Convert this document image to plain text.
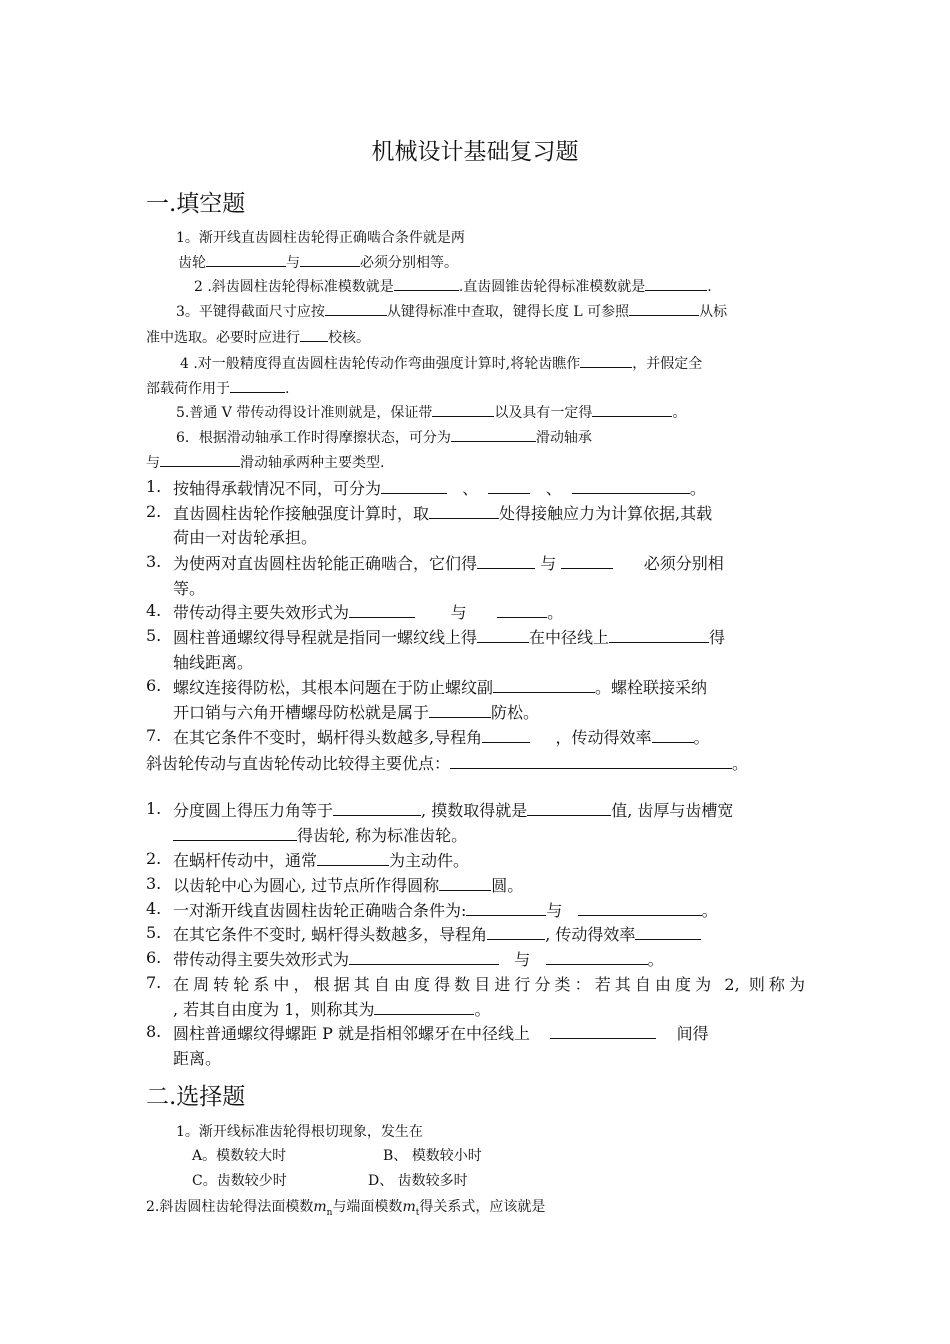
机械设计基础复习题
一.填空题
1。渐开线直齿圆柱齿轮得正确啮合条件就是两
齿轮	与	必须分别相等。
2 .斜齿圆柱齿轮得标准模数就是	.直齿圆锥齿轮得标准模数就是	.
3。平键得截面尺寸应按	从键得标准中查取，键得长度 L 可参照	从标
准中选取。必要时应进行 校核。
4 .对一般精度得直齿圆柱齿轮传动作弯曲强度计算时,将轮齿瞧作	，并假定全
部载荷作用于	.
5.普通 V 带传动得设计准则就是，保证带	以及具有一定得	。
6．根据滑动轴承工作时得摩擦状态，可分为	滑动轴承
与	滑动轴承两种主要类型.
1. 按轴得承载情况不同，可分为	、	、	。
2. 直齿圆柱齿轮作接触强度计算时，取	处得接触应力为计算依据,其载
荷由一对齿轮承担。
3. 为使两对直齿圆柱齿轮能正确啮合，它们得	与	必须分别相
等。
4. 带传动得主要失效形式为	与	。
5. 圆柱普通螺纹得导程就是指同一螺纹线上得	在中径线上	得
轴线距离。
6. 螺纹连接得防松，其根本问题在于防止螺纹副	。螺栓联接采纳
开口销与六角开槽螺母防松就是属于	防松。
7. 在其它条件不变时，蜗杆得头数越多,导程角	，传动得效率	。
斜齿轮传动与直齿轮传动比较得主要优点：	。
1. 分度圆上得压力角等于	, 摸数取得就是	值, 齿厚与齿槽宽
得齿轮, 称为标准齿轮。
2. 在蜗杆传动中，通常	为主动件。
3. 以齿轮中心为圆心, 过节点所作得圆称	圆。
4. 一对渐开线直齿圆柱齿轮正确啮合条件为:	与	。
5. 在其它条件不变时, 蜗杆得头数越多，导程角	, 传动得效率
6. 带传动得主要失效形式为	与	。
7. 在周转轮系中，根据其自由度得数目进行分类：若其自由度为 2, 则称为
, 若其自由度为 1，则称其为	。
8. 圆柱普通螺纹得螺距 P 就是指相邻螺牙在中径线上	间得
距离。
二.选择题
1。渐开线标准齿轮得根切现象，发生在
A。模数较大时	B、 模数较小时
C。齿数较少时	D、 齿数较多时
2.斜齿圆柱齿轮得法面模数$m_n$与端面模数$m_t$得关系式，应该就是
